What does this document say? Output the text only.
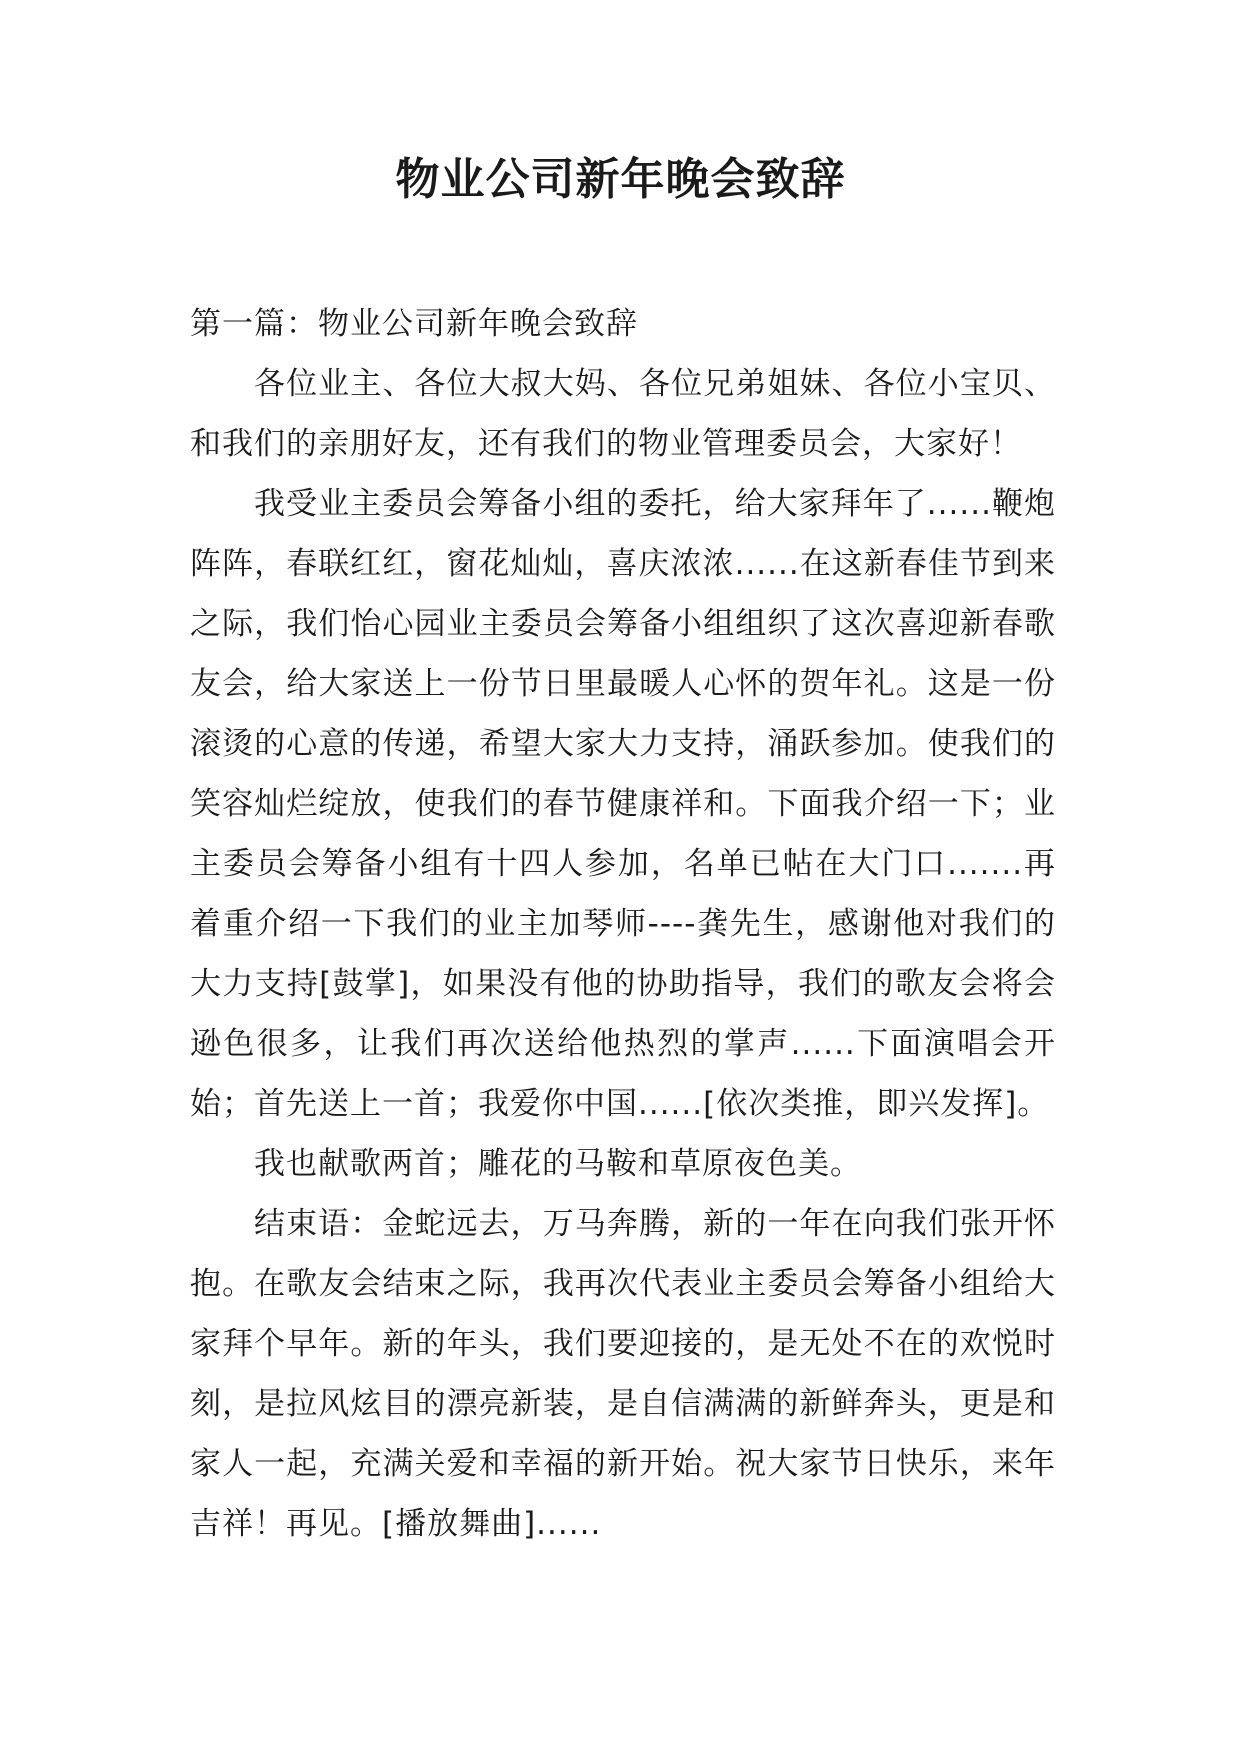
物业公司新年晚会致辞

第一篇：物业公司新年晚会致辞

各位业主、各位大叔大妈、各位兄弟姐妹、各位小宝贝、和我们的亲朋好友，还有我们的物业管理委员会，大家好！

我受业主委员会筹备小组的委托，给大家拜年了......鞭炮阵阵，春联红红，窗花灿灿，喜庆浓浓......在这新春佳节到来之际，我们怡心园业主委员会筹备小组组织了这次喜迎新春歌友会，给大家送上一份节日里最暖人心怀的贺年礼。这是一份滚烫的心意的传递，希望大家大力支持，涌跃参加。使我们的笑容灿烂绽放，使我们的春节健康祥和。下面我介绍一下；业主委员会筹备小组有十四人参加，名单已帖在大门口.......再着重介绍一下我们的业主加琴师----龚先生，感谢他对我们的大力支持[鼓掌]，如果没有他的协助指导，我们的歌友会将会逊色很多，让我们再次送给他热烈的掌声......下面演唱会开始；首先送上一首；我爱你中国......[依次类推，即兴发挥]。

我也献歌两首；雕花的马鞍和草原夜色美。

结束语：金蛇远去，万马奔腾，新的一年在向我们张开怀抱。在歌友会结束之际，我再次代表业主委员会筹备小组给大家拜个早年。新的年头，我们要迎接的，是无处不在的欢悦时刻，是拉风炫目的漂亮新装，是自信满满的新鲜奔头，更是和家人一起，充满关爱和幸福的新开始。祝大家节日快乐，来年吉祥！再见。[播放舞曲]......
